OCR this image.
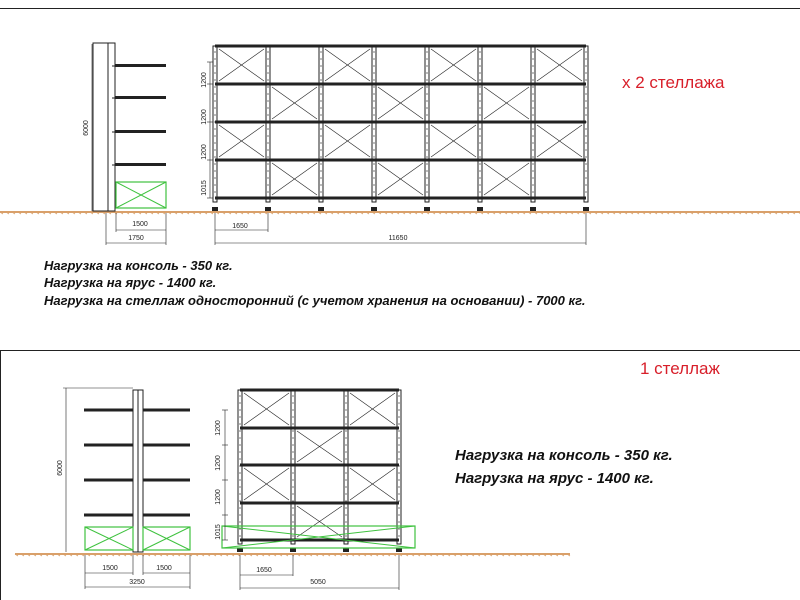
6000
1500
1750
1200
1200
1200
1015
1650
11650
6000
1500	1500
3250
1200
1200
1200
1015
1650
5050
x 2 стеллажа
Нагрузка на консоль - 350 кг.
Нагрузка на ярус - 1400 кг.
Нагрузка на стеллаж односторонний (с учетом хранения на основании) - 7000 кг.
1 стеллаж
Нагрузка на консоль - 350 кг.
Нагрузка на ярус - 1400 кг.
